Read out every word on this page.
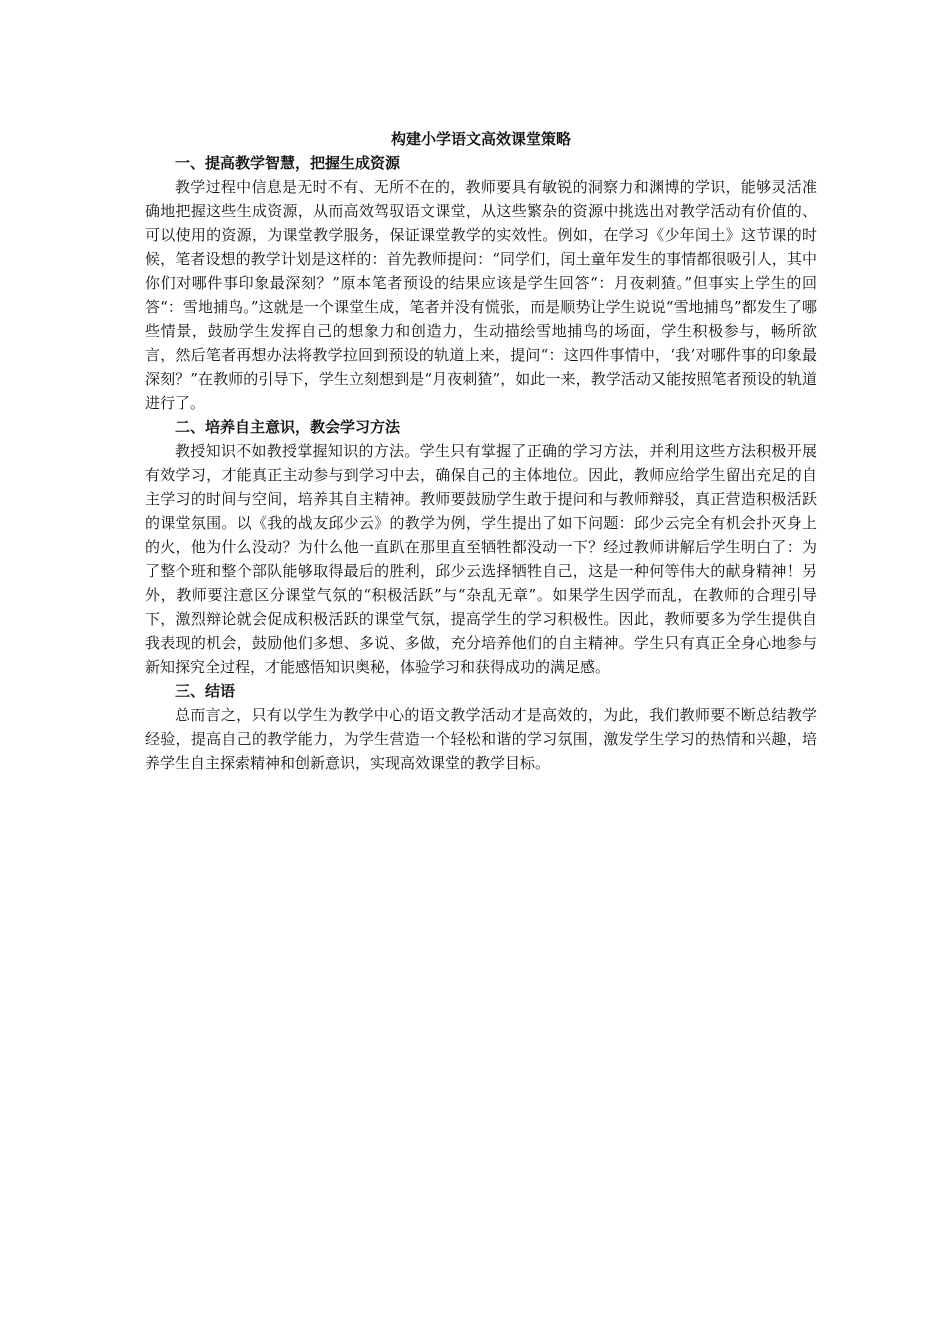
构建小学语文高效课堂策略

一、提高教学智慧，把握生成资源

教学过程中信息是无时不有、无所不在的，教师要具有敏锐的洞察力和渊博的学识，能够灵活准确地把握这些生成资源，从而高效驾驭语文课堂，从这些繁杂的资源中挑选出对教学活动有价值的、可以使用的资源，为课堂教学服务，保证课堂教学的实效性。例如，在学习《少年闰土》这节课的时候，笔者设想的教学计划是这样的：首先教师提问：“同学们，闰土童年发生的事情都很吸引人，其中你们对哪件事印象最深刻？”原本笔者预设的结果应该是学生回答“：月夜刺猹。”但事实上学生的回答“：雪地捕鸟。”这就是一个课堂生成，笔者并没有慌张，而是顺势让学生说说“雪地捕鸟”都发生了哪些情景，鼓励学生发挥自己的想象力和创造力，生动描绘雪地捕鸟的场面，学生积极参与，畅所欲言，然后笔者再想办法将教学拉回到预设的轨道上来，提问“：这四件事情中，‘我’对哪件事的印象最深刻？”在教师的引导下，学生立刻想到是“月夜刺猹”，如此一来，教学活动又能按照笔者预设的轨道进行了。

二、培养自主意识，教会学习方法

教授知识不如教授掌握知识的方法。学生只有掌握了正确的学习方法，并利用这些方法积极开展有效学习，才能真正主动参与到学习中去，确保自己的主体地位。因此，教师应给学生留出充足的自主学习的时间与空间，培养其自主精神。教师要鼓励学生敢于提问和与教师辩驳，真正营造积极活跃的课堂氛围。以《我的战友邱少云》的教学为例，学生提出了如下问题：邱少云完全有机会扑灭身上的火，他为什么没动？为什么他一直趴在那里直至牺牲都没动一下？经过教师讲解后学生明白了：为了整个班和整个部队能够取得最后的胜利，邱少云选择牺牲自己，这是一种何等伟大的献身精神！另外，教师要注意区分课堂气氛的“积极活跃”与“杂乱无章”。如果学生因学而乱，在教师的合理引导下，激烈辩论就会促成积极活跃的课堂气氛，提高学生的学习积极性。因此，教师要多为学生提供自我表现的机会，鼓励他们多想、多说、多做，充分培养他们的自主精神。学生只有真正全身心地参与新知探究全过程，才能感悟知识奥秘，体验学习和获得成功的满足感。

三、结语

总而言之，只有以学生为教学中心的语文教学活动才是高效的，为此，我们教师要不断总结教学经验，提高自己的教学能力，为学生营造一个轻松和谐的学习氛围，激发学生学习的热情和兴趣，培养学生自主探索精神和创新意识，实现高效课堂的教学目标。
